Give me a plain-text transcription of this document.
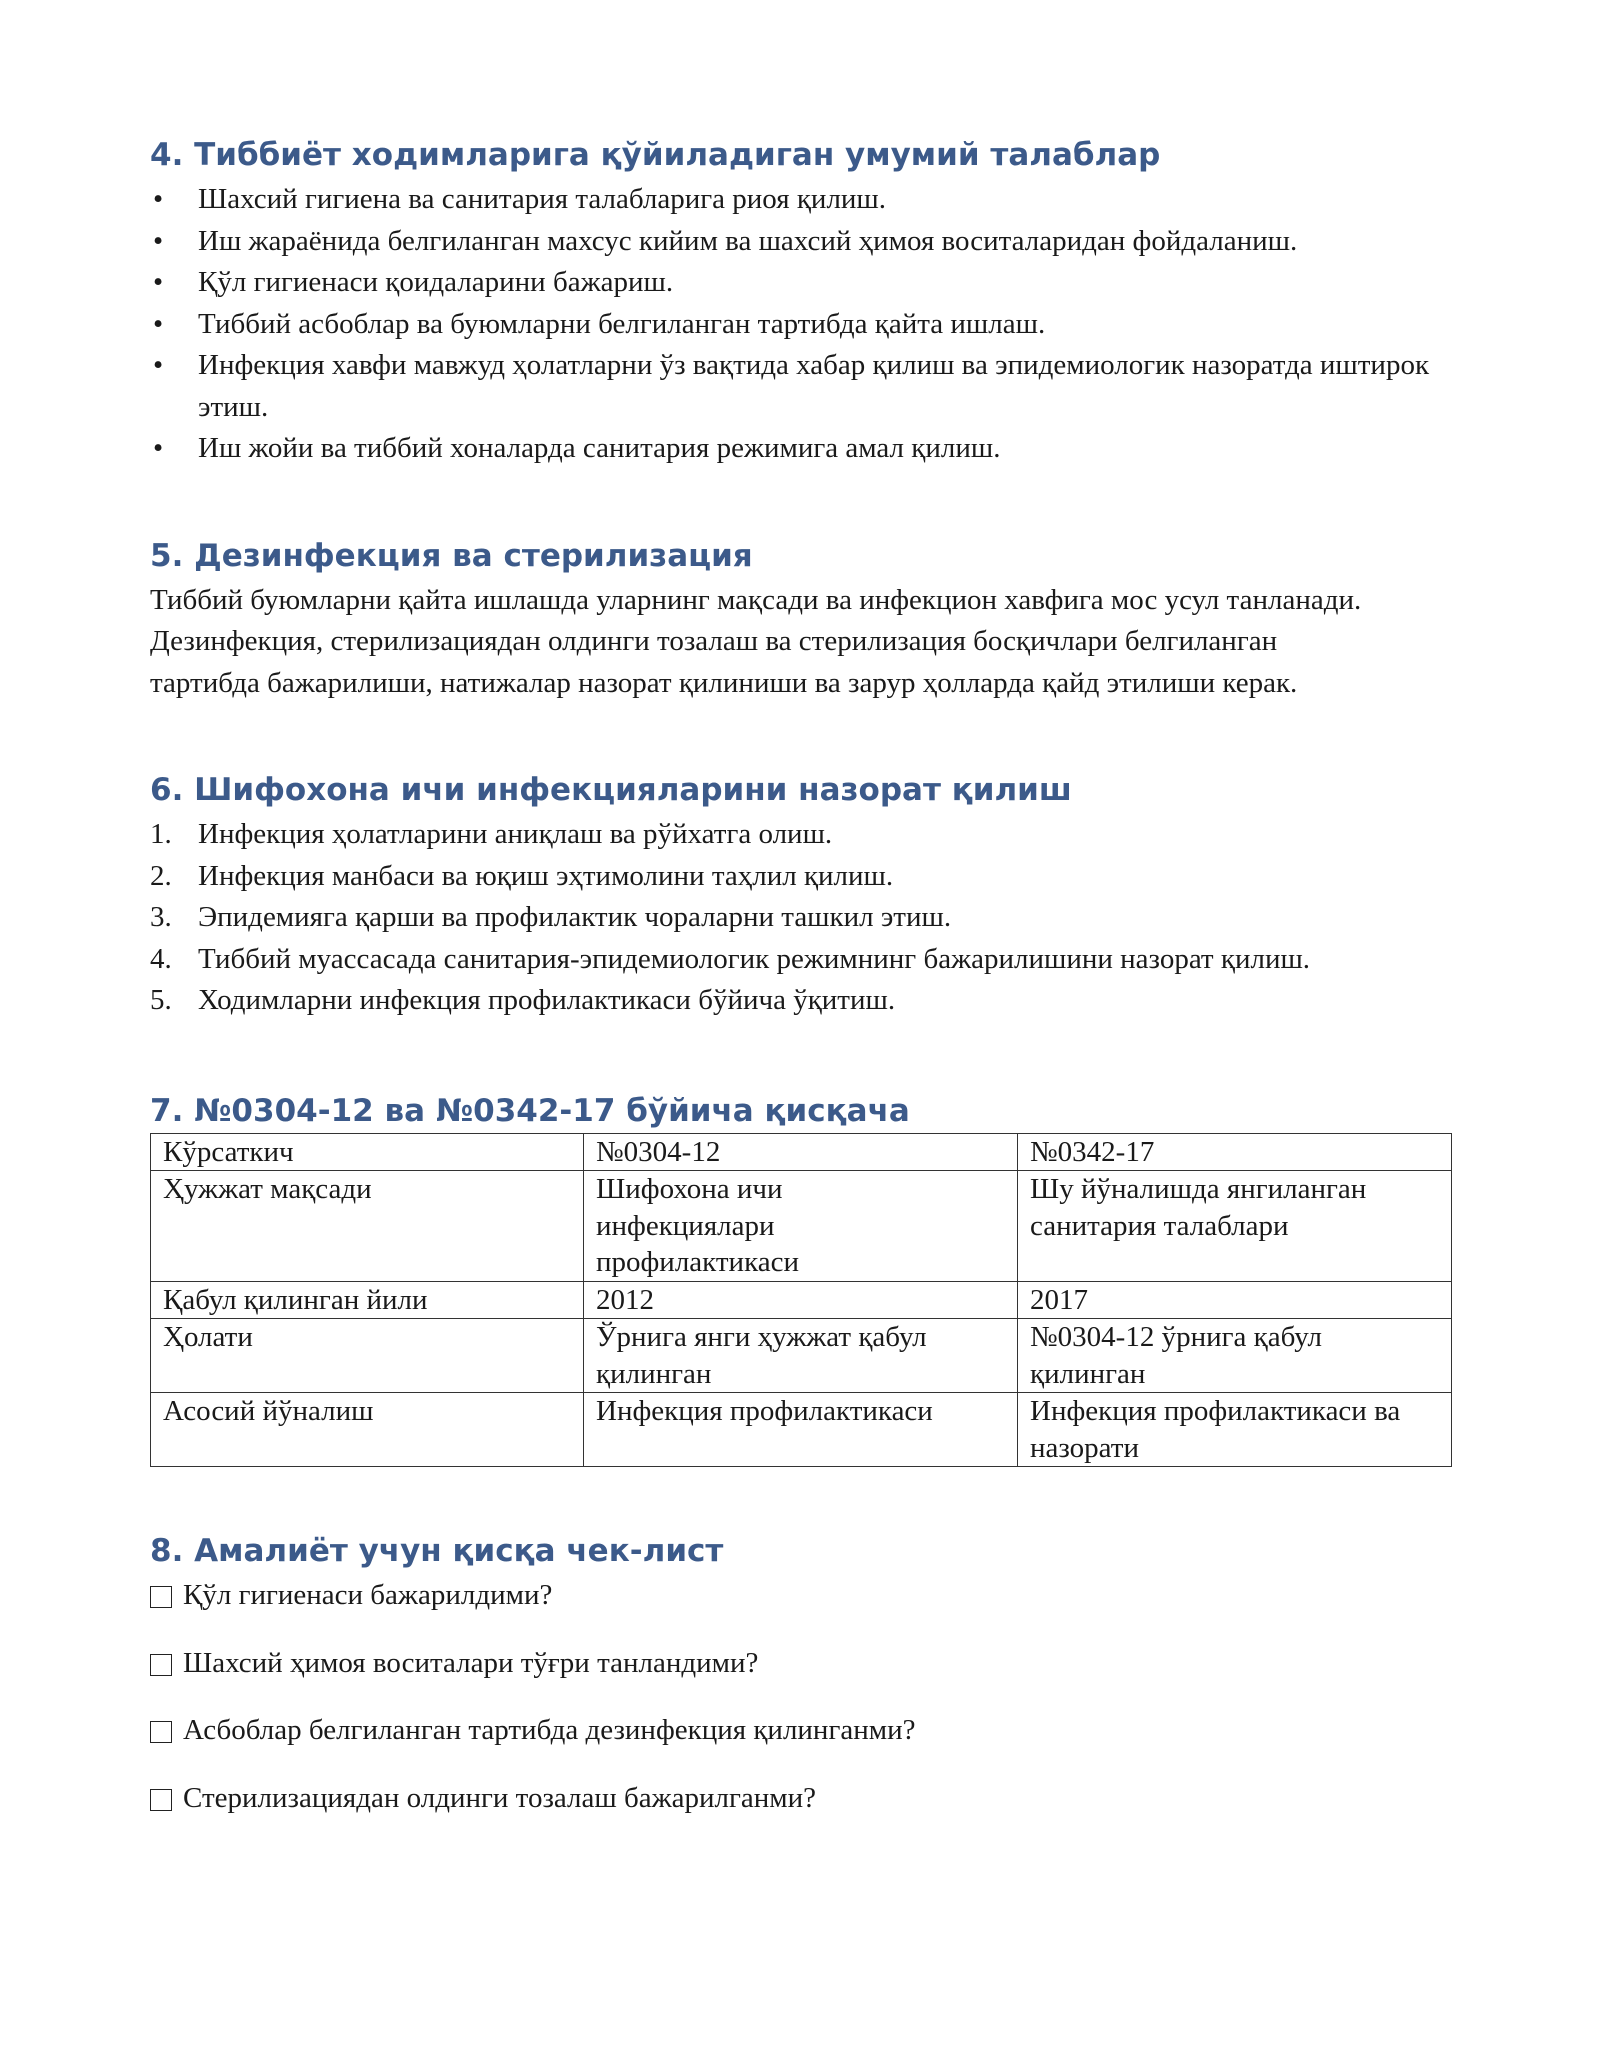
4. Тиббиёт ходимларига қўйиладиган умумий талаблар
• Шахсий гигиена ва санитария талабларига риоя қилиш.
• Иш жараёнида белгиланган махсус кийим ва шахсий ҳимоя воситаларидан фойдаланиш.
• Қўл гигиенаси қоидаларини бажариш.
• Тиббий асбоблар ва буюмларни белгиланган тартибда қайта ишлаш.
• Инфекция хавфи мавжуд ҳолатларни ўз вақтида хабар қилиш ва эпидемиологик назоратда иштирок этиш.
• Иш жойи ва тиббий хоналарда санитария режимига амал қилиш.
5. Дезинфекция ва стерилизация

Тиббий буюмларни қайта ишлашда уларнинг мақсади ва инфекцион хавфига мос усул танланади. Дезинфекция, стерилизациядан олдинги тозалаш ва стерилизация босқичлари белгиланган тартибда бажарилиши, натижалар назорат қилиниши ва зарур ҳолларда қайд этилиши керак.

6. Шифохона ичи инфекцияларини назорат қилиш
1. Инфекция ҳолатларини аниқлаш ва рўйхатга олиш.
2. Инфекция манбаси ва юқиш эҳтимолини таҳлил қилиш.
3. Эпидемияга қарши ва профилактик чораларни ташкил этиш.
4. Тиббий муассасада санитария-эпидемиологик режимнинг бажарилишини назорат қилиш.
5. Ходимларни инфекция профилактикаси бўйича ўқитиш.
7. №0304-12 ва №0342-17 бўйича қисқача
Кўрсаткич	№0304-12	№0342-17
Ҳужжат мақсади	Шифохона ичи инфекциялари профилактикаси	Шу йўналишда янгиланган санитария талаблари
Қабул қилинган йили	2012	2017
Ҳолати	Ўрнига янги ҳужжат қабул қилинган	№0304-12 ўрнига қабул қилинган
Асосий йўналиш	Инфекция профилактикаси	Инфекция профилактикаси ва назорати
8. Амалиёт учун қисқа чек-лист
Қўл гигиенаси бажарилдими?
Шахсий ҳимоя воситалари тўғри танландими?
Асбоблар белгиланган тартибда дезинфекция қилинганми?
Стерилизациядан олдинги тозалаш бажарилганми?
